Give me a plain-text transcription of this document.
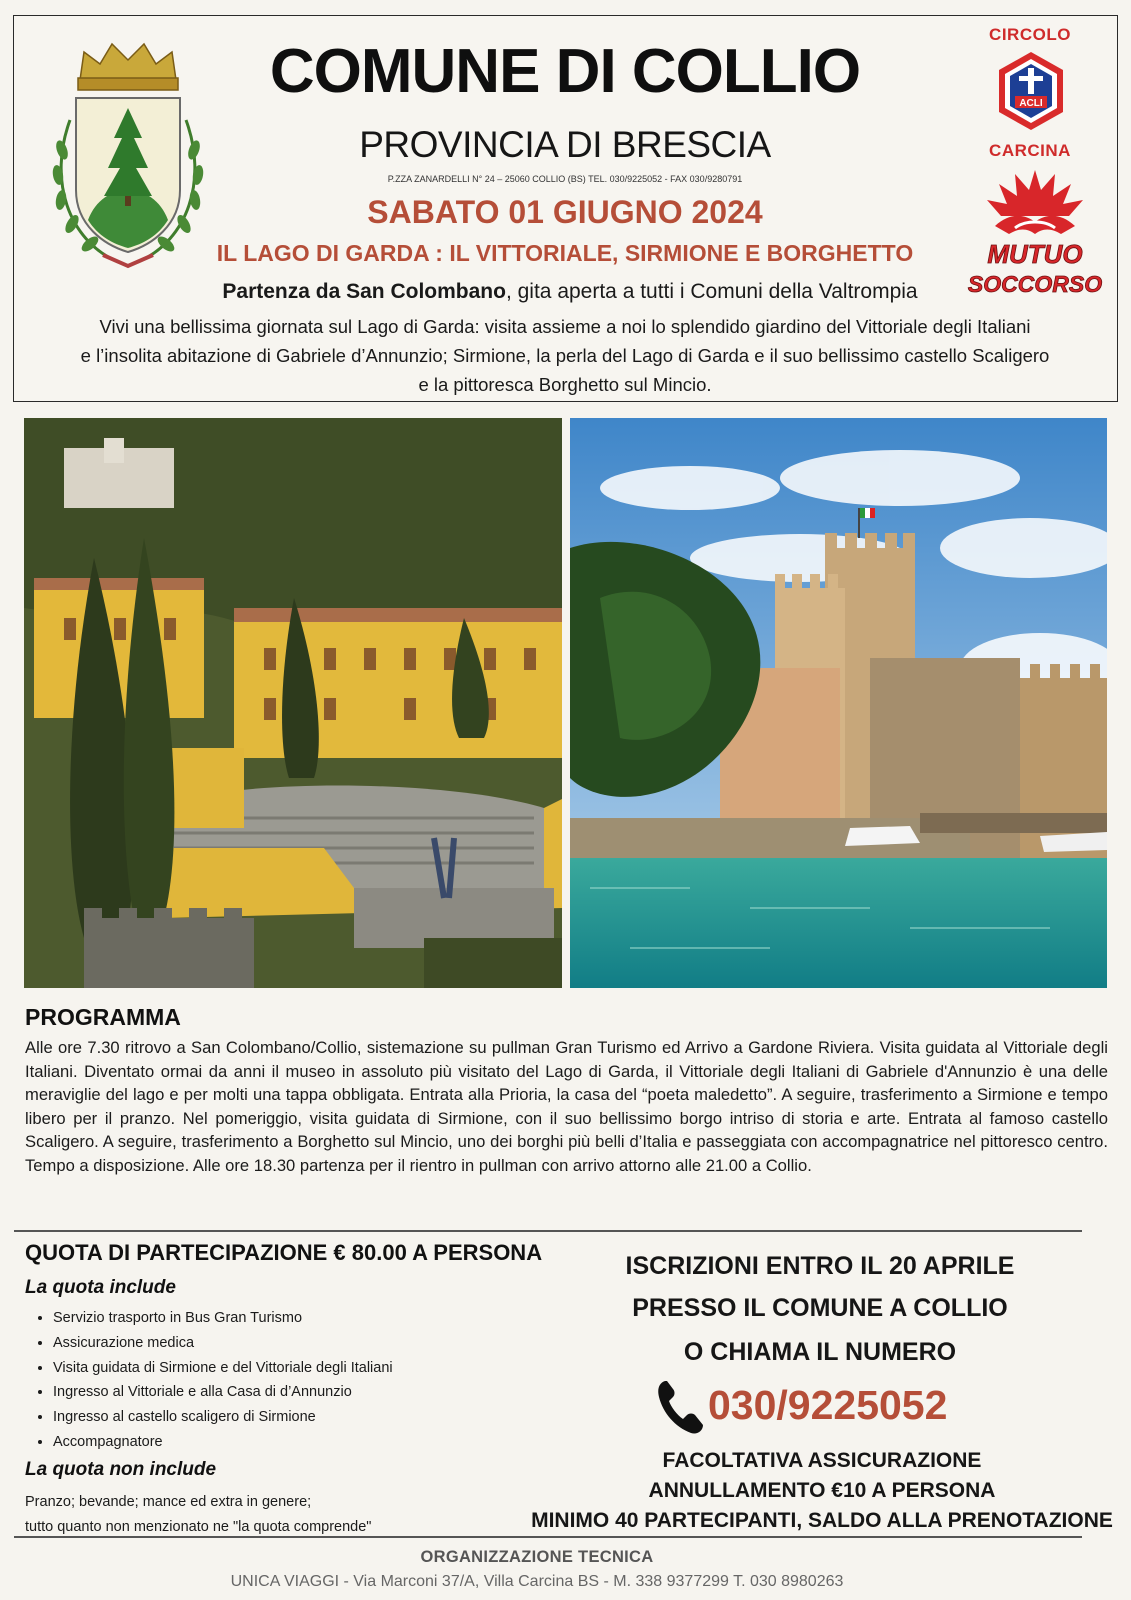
COMUNE DI COLLIO
PROVINCIA DI BRESCIA
P.ZZA ZANARDELLI N° 24 – 25060 COLLIO (BS) TEL. 030/9225052 - FAX 030/9280791
SABATO 01 GIUGNO 2024
IL LAGO DI GARDA : IL VITTORIALE, SIRMIONE E BORGHETTO
Partenza da San Colombano, gita aperta a tutti i Comuni della Valtrompia
Vivi una bellissima giornata sul Lago di Garda: visita assieme a noi lo splendido giardino del Vittoriale degli Italiani
e l’insolita abitazione di Gabriele d’Annunzio; Sirmione, la perla del Lago di Garda e il suo bellissimo castello Scaligero
e la pittoresca Borghetto sul Mincio.
CIRCOLO
ACLI
CARCINA
MUTUO
SOCCORSO
PROGRAMMA
Alle ore 7.30 ritrovo a San Colombano/Collio, sistemazione su pullman Gran Turismo ed Arrivo a Gardone Riviera. Visita guidata al Vittoriale degli Italiani. Diventato ormai da anni il museo in assoluto più visitato del Lago di Garda, il Vittoriale degli Italiani di Gabriele d'Annunzio è una delle meraviglie del lago e per molti una tappa obbligata. Entrata alla Prioria, la casa del “poeta maledetto”. A seguire, trasferimento a Sirmione e tempo libero per il pranzo. Nel pomeriggio, visita guidata di Sirmione, con il suo bellissimo borgo intriso di storia e arte. Entrata al famoso castello Scaligero. A seguire, trasferimento a Borghetto sul Mincio, uno dei borghi più belli d’Italia e passeggiata con accompagnatrice nel pittoresco centro. Tempo a disposizione. Alle ore 18.30 partenza per il rientro in pullman con arrivo attorno alle 21.00 a Collio.
QUOTA DI PARTECIPAZIONE € 80.00 A PERSONA
La quota include
• Servizio trasporto in Bus Gran Turismo
• Assicurazione medica
• Visita guidata di Sirmione e del Vittoriale degli Italiani
• Ingresso al Vittoriale e alla Casa di d’Annunzio
• Ingresso al castello scaligero di Sirmione
• Accompagnatore
La quota non include
Pranzo; bevande; mance ed extra in genere;
tutto quanto non menzionato ne "la quota comprende"
ISCRIZIONI ENTRO IL 20 APRILE
PRESSO IL COMUNE A COLLIO
O CHIAMA IL NUMERO
030/9225052
FACOLTATIVA ASSICURAZIONE
ANNULLAMENTO €10 A PERSONA
MINIMO 40 PARTECIPANTI, SALDO ALLA PRENOTAZIONE
ORGANIZZAZIONE TECNICA
UNICA VIAGGI - Via Marconi 37/A, Villa Carcina BS - M. 338 9377299 T. 030 8980263
